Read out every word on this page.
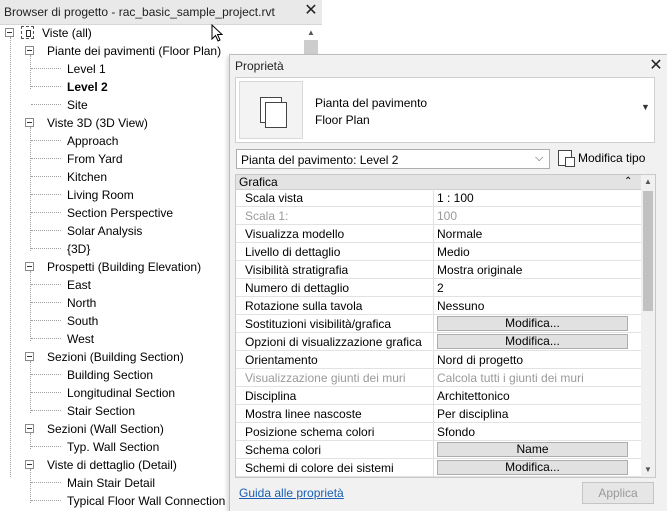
Browser di progetto - rac_basic_sample_project.rvt ✕
Viste (all)
Piante dei pavimenti (Floor Plan)
Level 1
Level 2
Site
Viste 3D (3D View)
Approach
From Yard
Kitchen
Living Room
Section Perspective
Solar Analysis
{3D}
Prospetti (Building Elevation)
East
North
South
West
Sezioni (Building Section)
Building Section
Longitudinal Section
Stair Section
Sezioni (Wall Section)
Typ. Wall Section
Viste di dettaglio (Detail)
Main Stair Detail
Typical Floor Wall Connection
▲
Proprietà	✕
Pianta del pavimento
Floor Plan
▼
Pianta del pavimento: Level 2	⌵	Modifica tipo
Grafica	⌃
Scala vista	1 : 100
Scala 1:	100
Visualizza modello	Normale
Livello di dettaglio	Medio
Visibilità stratigrafia	Mostra originale
Numero di dettaglio	2
Rotazione sulla tavola	Nessuno
Sostituzioni visibilità/grafica	Modifica...
Opzioni di visualizzazione grafica	Modifica...
Orientamento	Nord di progetto
Visualizzazione giunti dei muri	Calcola tutti i giunti dei muri
Disciplina	Architettonico
Mostra linee nascoste	Per disciplina
Posizione schema colori	Sfondo
Schema colori	Name
Schemi di colore dei sistemi	Modifica...
▲
▼
Guida alle proprietà	Applica
